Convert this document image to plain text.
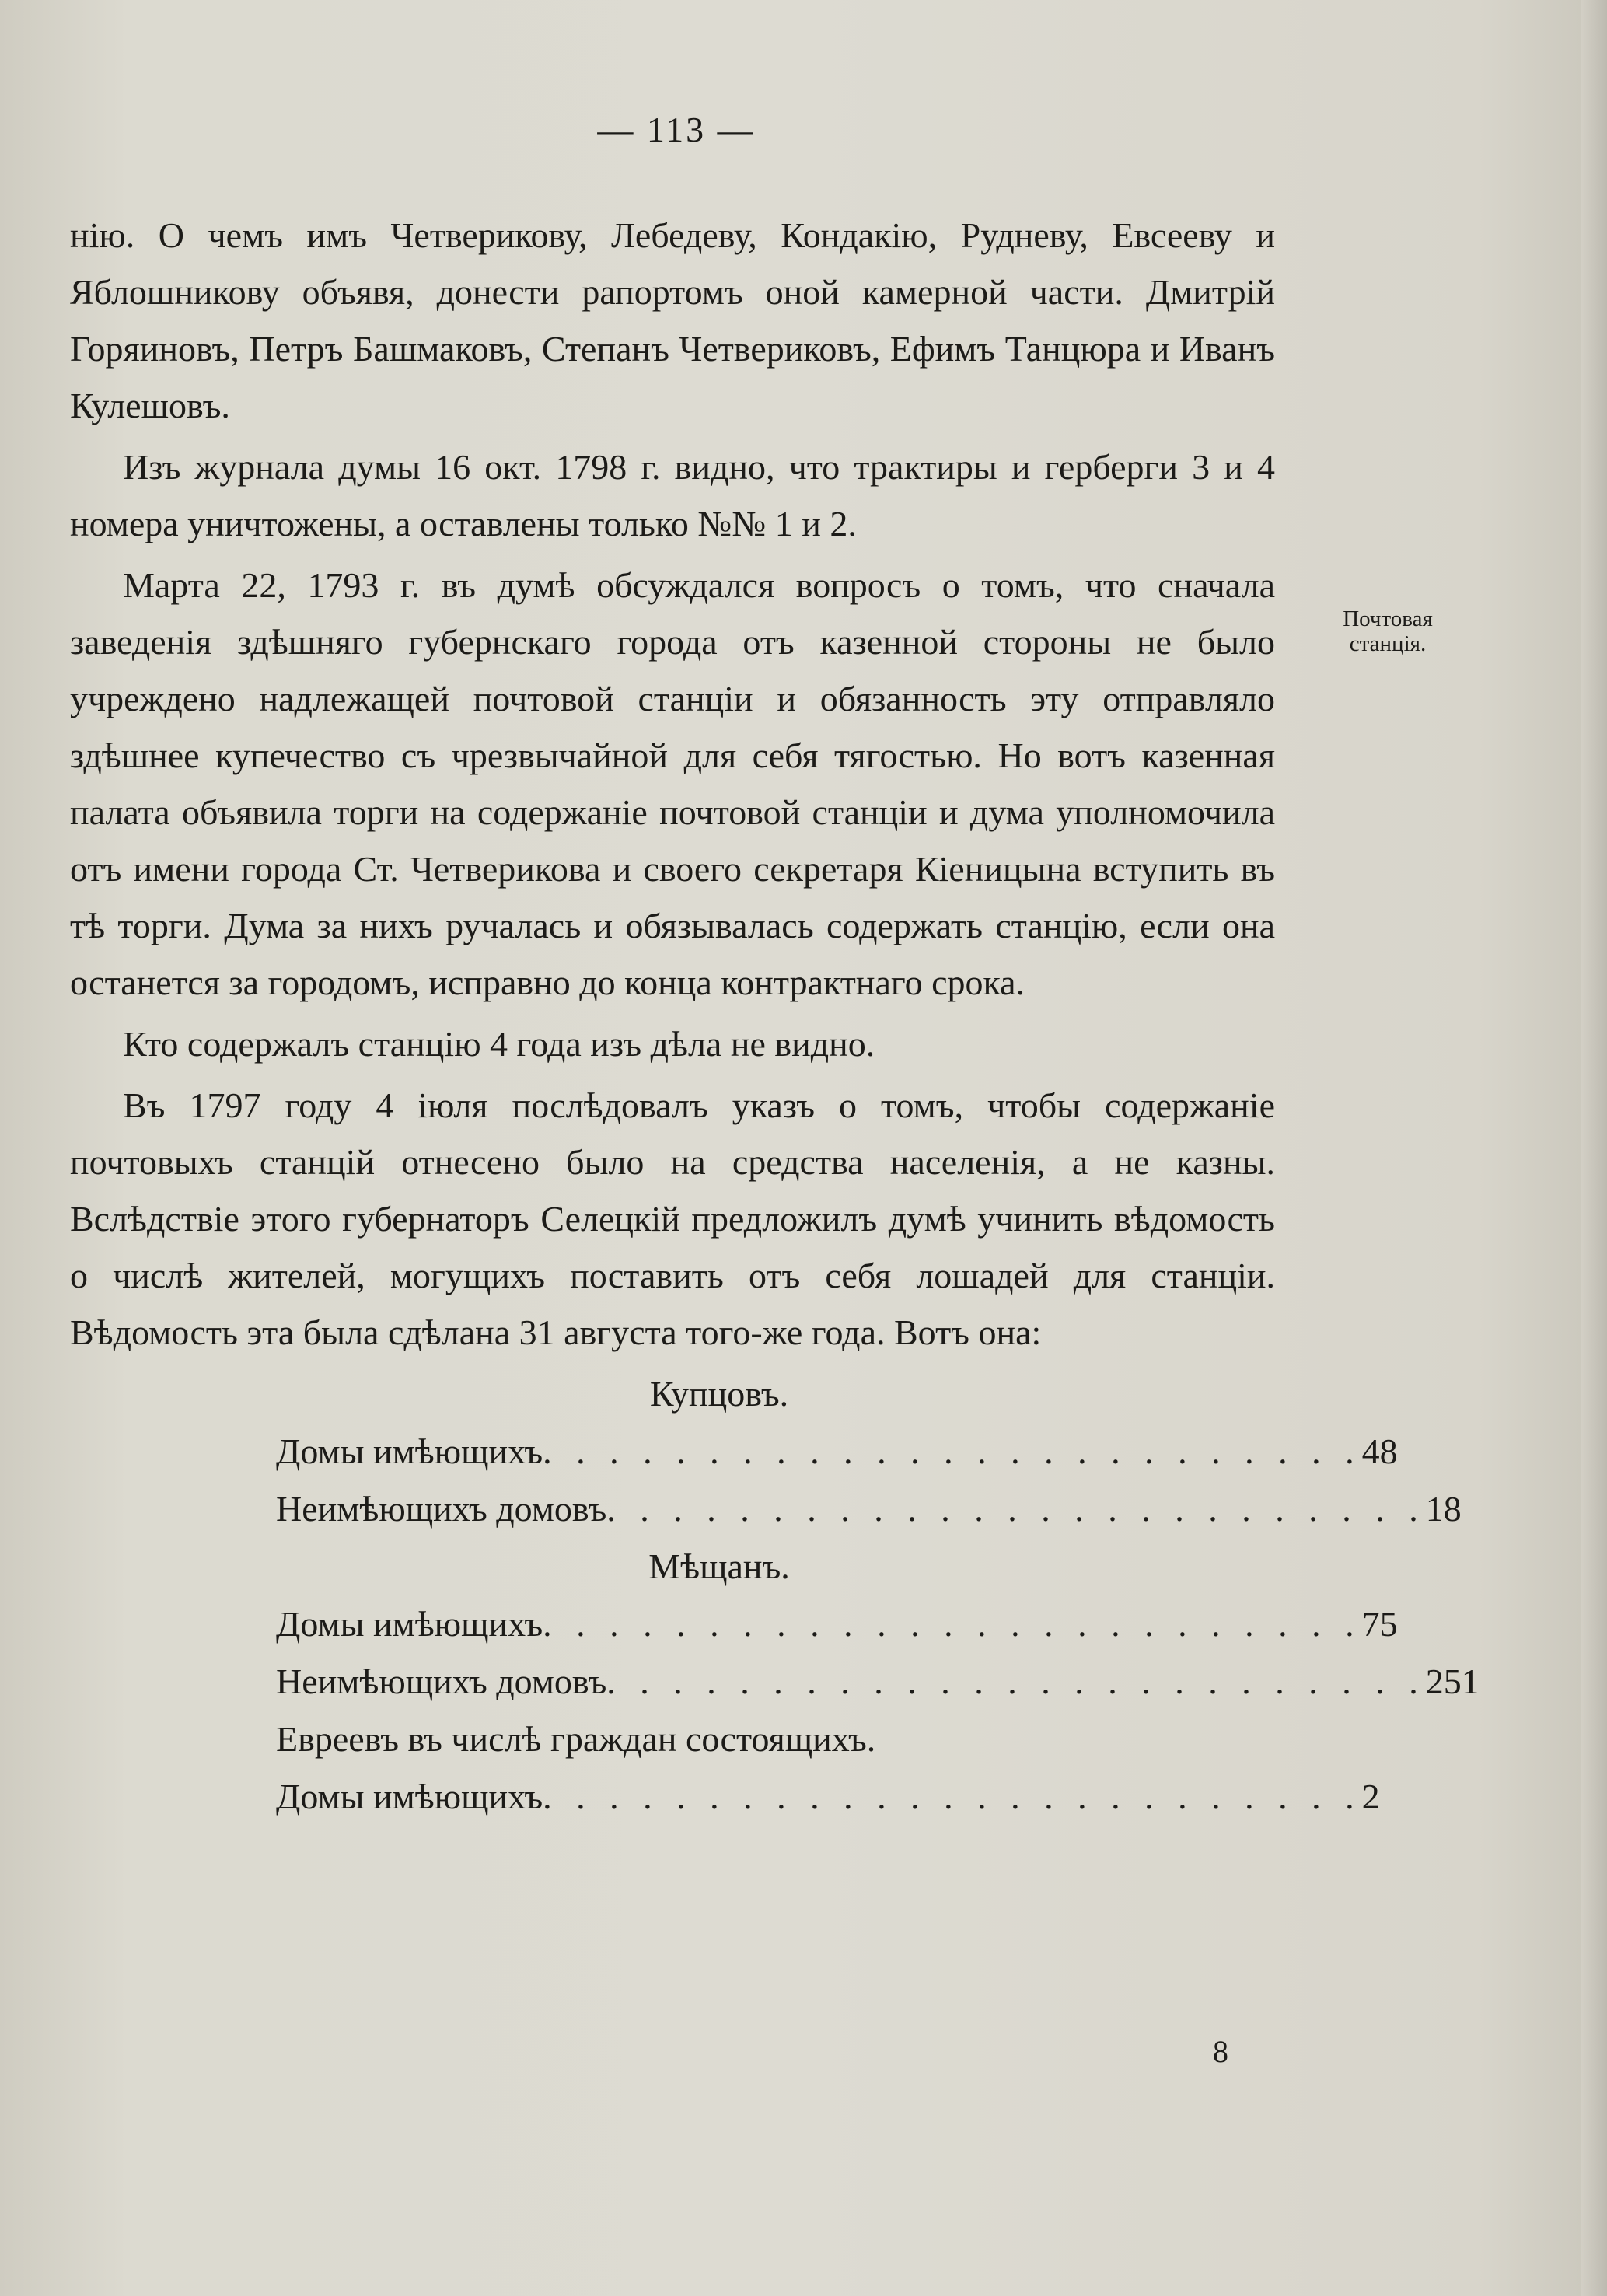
— 113 —
Почтовая
станція.

нію. О чемъ имъ Четверикову, Лебедеву, Кондакію, Рудневу, Евсееву и Яблошникову объявя, донести рапортомъ оной камерной части. Дмитрій Горяиновъ, Петръ Башмаковъ, Степанъ Четвериковъ, Ефимъ Танцюра и Иванъ Кулешовъ.

Изъ журнала думы 16 окт. 1798 г. видно, что трактиры и герберги 3 и 4 номера уничтожены, а оставлены только №№ 1 и 2.

Марта 22, 1793 г. въ думѣ обсуждался вопросъ о томъ, что сначала заведенія здѣшняго губернскаго города отъ казенной стороны не было учреждено надлежащей почтовой станціи и обязанность эту отправляло здѣшнее купечество съ чрезвычайной для себя тягостью. Но вотъ казенная палата объявила торги на содержаніе почтовой станціи и дума уполномочила отъ имени города Ст. Четверикова и своего секретаря Кіеницына вступить въ тѣ торги. Дума за нихъ ручалась и обязывалась содержать станцію, если она останется за городомъ, исправно до конца контрактнаго срока.

Кто содержалъ станцію 4 года изъ дѣла не видно.

Въ 1797 году 4 іюля послѣдовалъ указъ о томъ, чтобы содержаніе почтовыхъ станцій отнесено было на средства населенія, а не казны. Вслѣдствіе этого губернаторъ Селецкій предложилъ думѣ учинить вѣдомость о числѣ жителей, могущихъ поставить отъ себя лошадей для станціи. Вѣдомость эта была сдѣлана 31 августа того-же года. Вотъ она:

Купцовъ.

Домы имѣющихъ . . . . . . . . . . . . . . . . . . . . . . . . . 48
Неимѣющихъ домовъ . . . . . . . . . . . . . . . . . . . . . . . . . 18

Мѣщанъ.

Домы имѣющихъ . . . . . . . . . . . . . . . . . . . . . . . . . 75
Неимѣющихъ домовъ . . . . . . . . . . . . . . . . . . . . . . . . . 251

Евреевъ въ числѣ граждан состоящихъ.

Домы имѣющихъ . . . . . . . . . . . . . . . . . . . . . . . . . 2
8
